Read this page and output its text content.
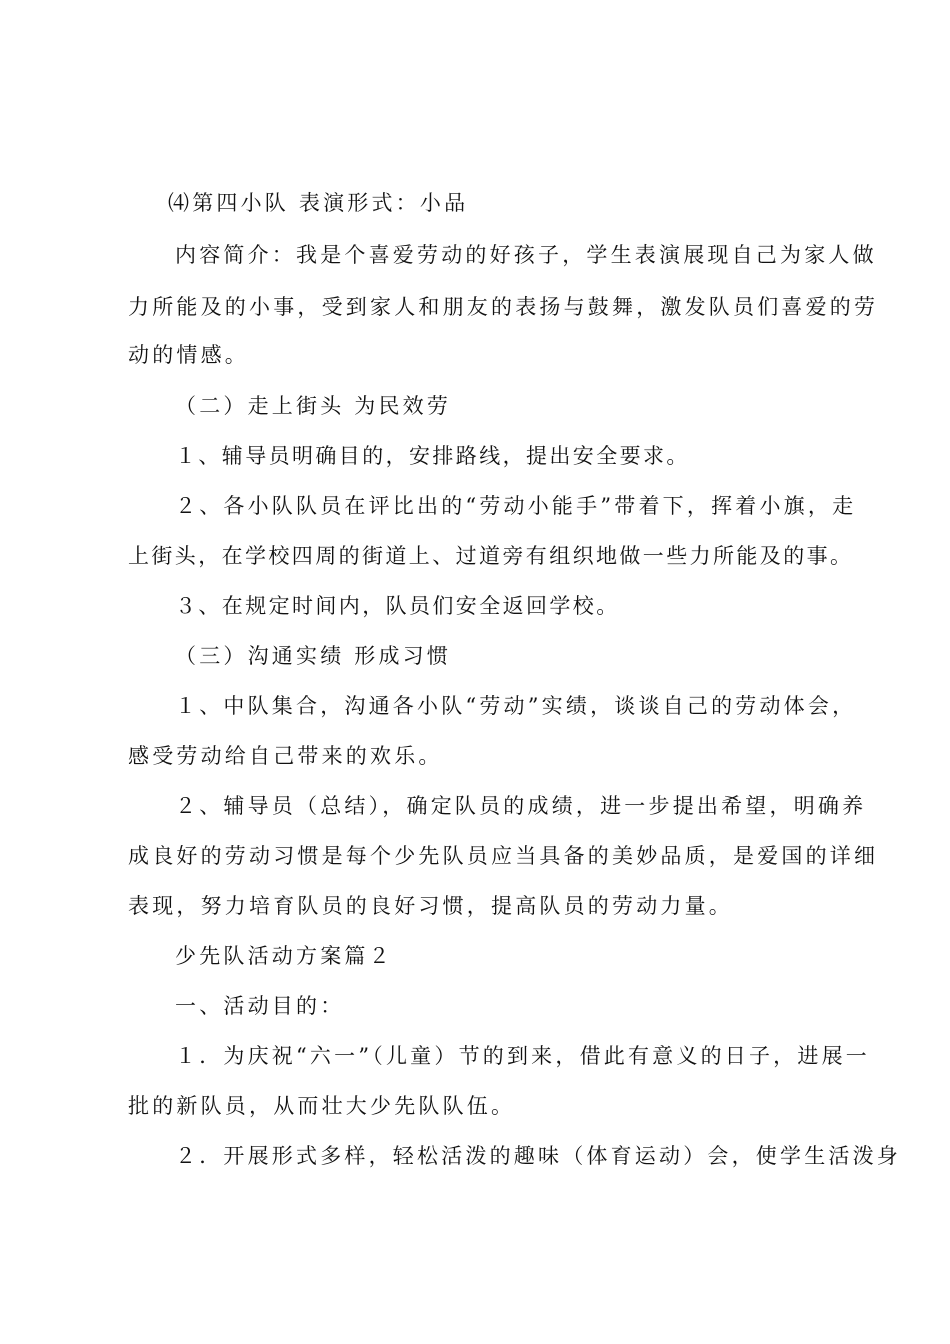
⑷第四小队 表演形式：小品
内容简介：我是个喜爱劳动的好孩子，学生表演展现自己为家人做
力所能及的小事，受到家人和朋友的表扬与鼓舞，激发队员们喜爱的劳
动的情感。
（二）走上街头 为民效劳
１、辅导员明确目的，安排路线，提出安全要求。
２、各小队队员在评比出的“劳动小能手”带着下，挥着小旗，走
上街头，在学校四周的街道上、过道旁有组织地做一些力所能及的事。
３、在规定时间内，队员们安全返回学校。
（三）沟通实绩 形成习惯
１、中队集合，沟通各小队“劳动”实绩，谈谈自己的劳动体会，
感受劳动给自己带来的欢乐。
２、辅导员（总结），确定队员的成绩，进一步提出希望，明确养
成良好的劳动习惯是每个少先队员应当具备的美妙品质，是爱国的详细
表现，努力培育队员的良好习惯，提高队员的劳动力量。
少先队活动方案篇２
一、活动目的：
１．为庆祝“六一”（儿童）节的到来，借此有意义的日子，进展一
批的新队员，从而壮大少先队队伍。
２．开展形式多样，轻松活泼的趣味（体育运动）会，使学生活泼身
